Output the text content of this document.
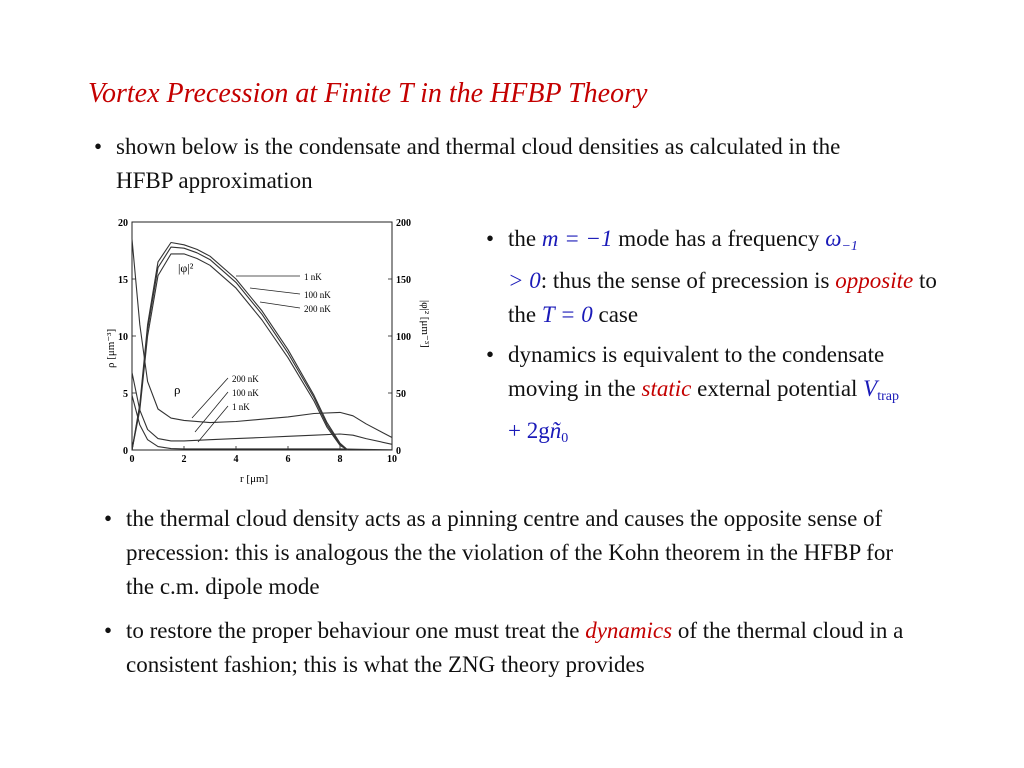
Vortex Precession at Finite T in the HFBP Theory
• shown below is the condensate and thermal cloud densities as calculated in the HFBP approximation
0	2	4	6	8	10
0
5
10
15
20
0
50
100
150
200
|φ|²
ρ
1 nK
100 nK
200 nK
200 nK
100 nK
1 nK
r [μm]
ρ [μm⁻³]
|φ|² [μm⁻³]
• the m = −1 mode has a frequency $\omega_{-1}$
> 0: thus the sense of precession is opposite to the T = 0 case
• dynamics is equivalent to the condensate moving in the static external potential $V_{trap}$ + $2gñ_0$
• the thermal cloud density acts as a pinning centre and causes the opposite sense of precession: this is analogous the the violation of the Kohn theorem in the HFBP for the c.m. dipole mode
• to restore the proper behaviour one must treat the dynamics of the thermal cloud in a consistent fashion; this is what the ZNG theory provides
